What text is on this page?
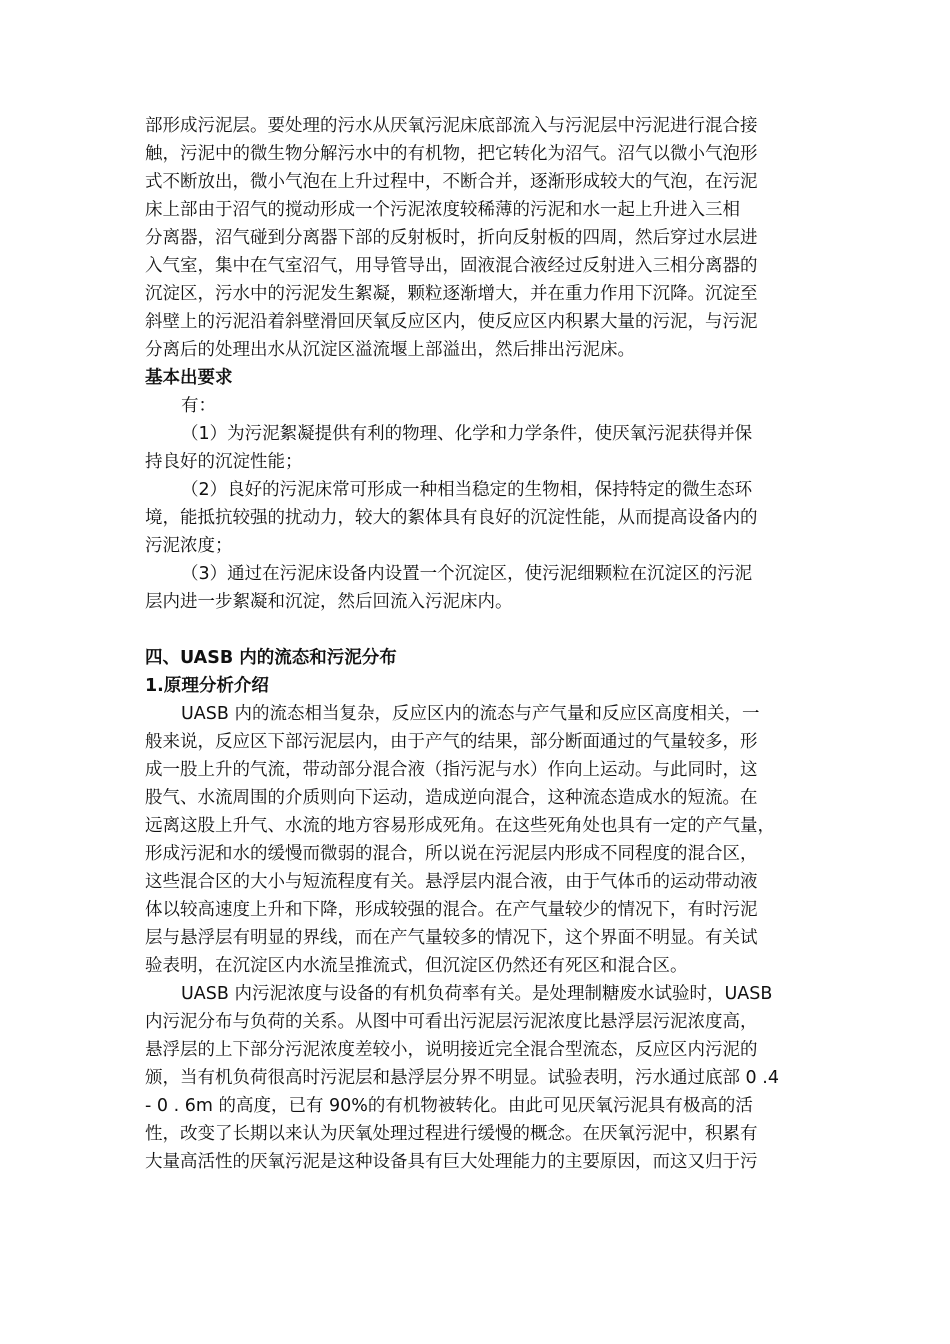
部形成污泥层。要处理的污水从厌氧污泥床底部流入与污泥层中污泥进行混合接
触，污泥中的微生物分解污水中的有机物，把它转化为沼气。沼气以微小气泡形
式不断放出，微小气泡在上升过程中，不断合并，逐渐形成较大的气泡，在污泥
床上部由于沼气的搅动形成一个污泥浓度较稀薄的污泥和水一起上升进入三相
分离器，沼气碰到分离器下部的反射板时，折向反射板的四周，然后穿过水层进
入气室，集中在气室沼气，用导管导出，固液混合液经过反射进入三相分离器的
沉淀区，污水中的污泥发生絮凝，颗粒逐渐增大，并在重力作用下沉降。沉淀至
斜壁上的污泥沿着斜壁滑回厌氧反应区内，使反应区内积累大量的污泥，与污泥
分离后的处理出水从沉淀区溢流堰上部溢出，然后排出污泥床。
基本出要求
有：
（1）为污泥絮凝提供有利的物理、化学和力学条件，使厌氧污泥获得并保
持良好的沉淀性能；
（2）良好的污泥床常可形成一种相当稳定的生物相，保持特定的微生态环
境，能抵抗较强的扰动力，较大的絮体具有良好的沉淀性能，从而提高设备内的
污泥浓度；
（3）通过在污泥床设备内设置一个沉淀区，使污泥细颗粒在沉淀区的污泥
层内进一步絮凝和沉淀，然后回流入污泥床内。
四、UASB 内的流态和污泥分布
1.原理分析介绍
UASB 内的流态相当复杂，反应区内的流态与产气量和反应区高度相关，一
般来说，反应区下部污泥层内，由于产气的结果，部分断面通过的气量较多，形
成一股上升的气流，带动部分混合液（指污泥与水）作向上运动。与此同时，这
股气、水流周围的介质则向下运动，造成逆向混合，这种流态造成水的短流。在
远离这股上升气、水流的地方容易形成死角。在这些死角处也具有一定的产气量，
形成污泥和水的缓慢而微弱的混合，所以说在污泥层内形成不同程度的混合区，
这些混合区的大小与短流程度有关。悬浮层内混合液，由于气体币的运动带动液
体以较高速度上升和下降，形成较强的混合。在产气量较少的情况下，有时污泥
层与悬浮层有明显的界线，而在产气量较多的情况下，这个界面不明显。有关试
验表明，在沉淀区内水流呈推流式，但沉淀区仍然还有死区和混合区。
UASB 内污泥浓度与设备的有机负荷率有关。是处理制糖废水试验时，UASB
内污泥分布与负荷的关系。从图中可看出污泥层污泥浓度比悬浮层污泥浓度高，
悬浮层的上下部分污泥浓度差较小，说明接近完全混合型流态，反应区内污泥的
颁，当有机负荷很高时污泥层和悬浮层分界不明显。试验表明，污水通过底部 0 .4
- 0 . 6m 的高度，已有 90%的有机物被转化。由此可见厌氧污泥具有极高的活
性，改变了长期以来认为厌氧处理过程进行缓慢的概念。在厌氧污泥中，积累有
大量高活性的厌氧污泥是这种设备具有巨大处理能力的主要原因，而这又归于污
